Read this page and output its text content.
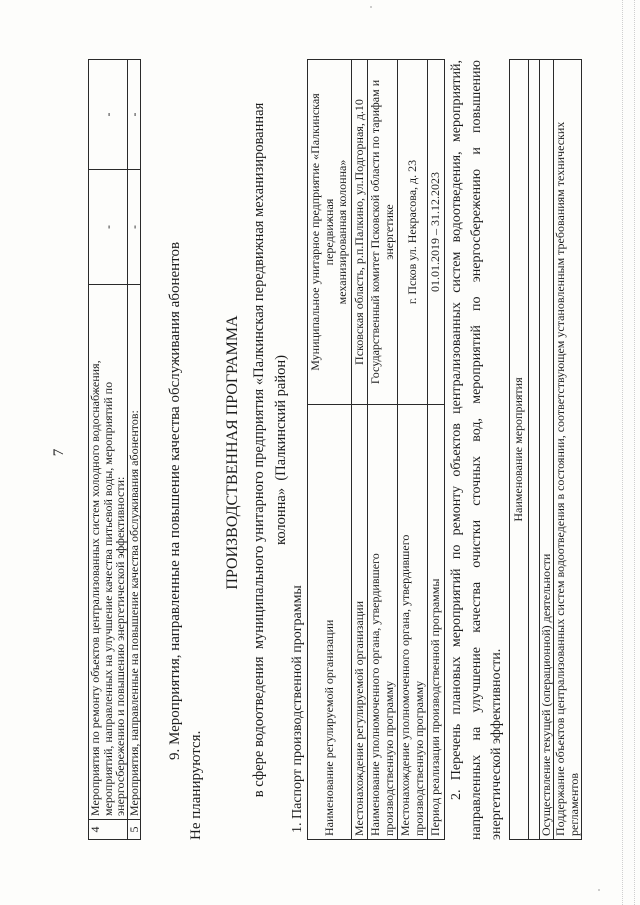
7
4	Мероприятия по ремонту объектов централизованных систем холодного водоснабжения,
мероприятий, направленных на улучшение качества питьевой воды, мероприятий по
энергосбережению и повышению энергетической эффективности:	-	-
5	Мероприятия, направленные на повышение качества обслуживания абонентов:	-	-
9. Мероприятия, направленные на повышение качества обслуживания абонентов
Не планируются.
ПРОИЗВОДСТВЕННАЯ ПРОГРАММА в сфере водоотведения  муниципального унитарного предприятия «Палкинская передвижная механизированная колонна»  (Палкинский район)
1. Паспорт производственной программы Наименование регулируемой организации	Муниципальное унитарное предприятие «Палкинская передвижная
механизированная колонна»
Местонахождение регулируемой организации	Псковская область, р.п.Палкино, ул.Подгорная, д.10
Наименование уполномоченного органа, утвердившего
производственную программу	Государственный комитет Псковской области по тарифам и
энергетике
Местонахождение уполномоченного органа, утвердившего
производственную программу	г. Псков ул. Некрасова, д. 23
Период реализации производственной программы	01.01.2019 – 31.12.2023 2. Перечень плановых мероприятий по ремонту объектов централизованных систем водоотведения, мероприятий, направленных на улучшение качества очистки сточных вод, мероприятий по энергосбережению и повышению энергетической эффективности.
Наименование мероприятия

Осуществление текущей (операционной) деятельности
Поддержание объектов централизованных систем водоотведения в состоянии, соответствующем установленным требованиям технических
регламентов
